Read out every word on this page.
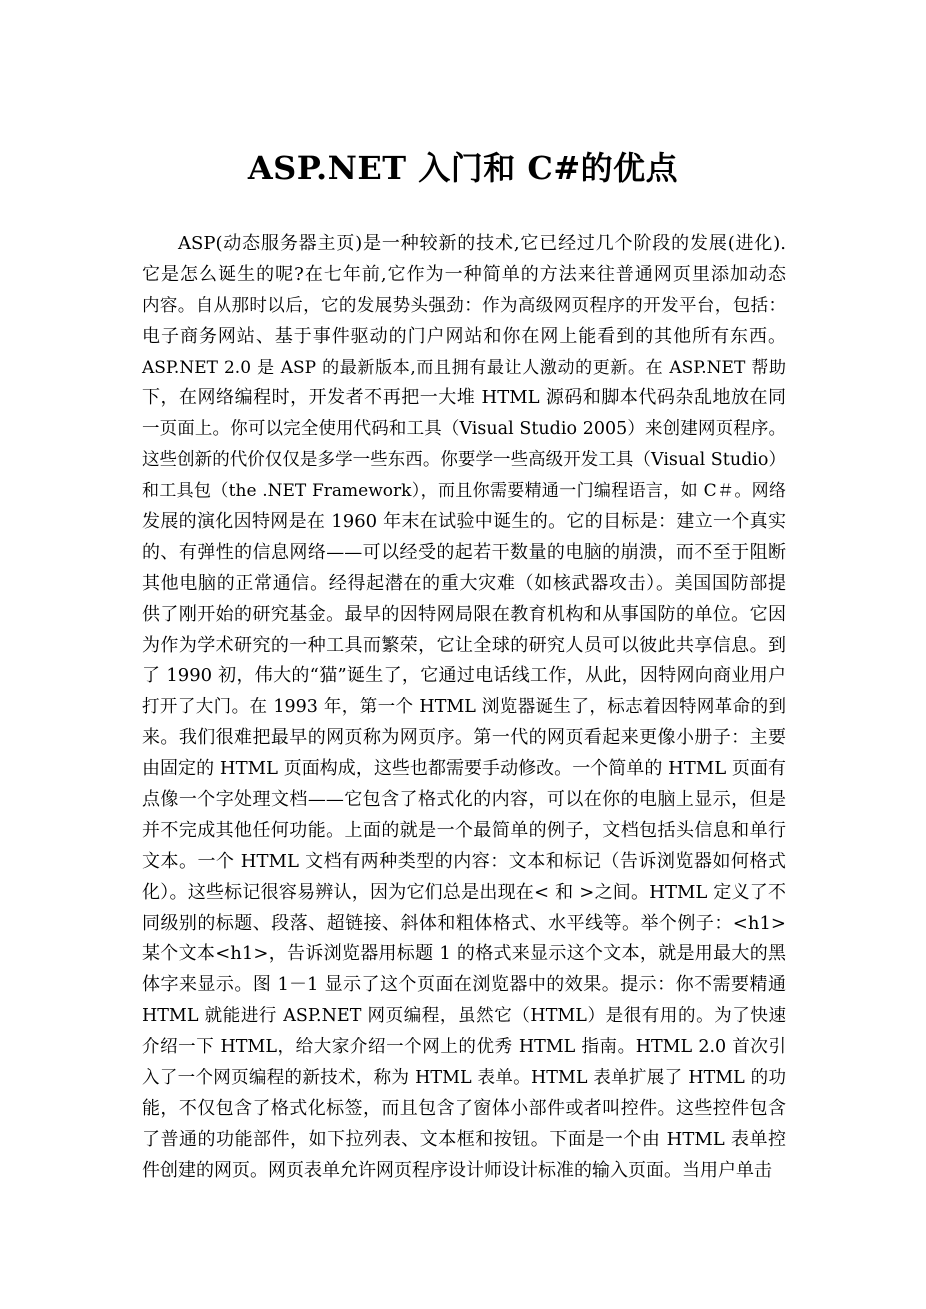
ASP.NET 入门和 C#的优点
ASP(动态服务器主页)是一种较新的技术,它已经过几个阶段的发展(进化).
它是怎么诞生的呢?在七年前,它作为一种简单的方法来往普通网页里添加动态
内容。自从那时以后，它的发展势头强劲：作为高级网页程序的开发平台，包括：
电子商务网站、基于事件驱动的门户网站和你在网上能看到的其他所有东西。
ASP.NET 2.0 是 ASP 的最新版本,而且拥有最让人激动的更新。在 ASP.NET 帮助
下，在网络编程时，开发者不再把一大堆 HTML 源码和脚本代码杂乱地放在同
一页面上。你可以完全使用代码和工具（Visual Studio 2005）来创建网页程序。
这些创新的代价仅仅是多学一些东西。你要学一些高级开发工具（Visual Studio）
和工具包（the .NET Framework），而且你需要精通一门编程语言，如 C＃。网络
发展的演化因特网是在 1960 年末在试验中诞生的。它的目标是：建立一个真实
的、有弹性的信息网络——可以经受的起若干数量的电脑的崩溃，而不至于阻断
其他电脑的正常通信。经得起潜在的重大灾难（如核武器攻击）。美国国防部提
供了刚开始的研究基金。最早的因特网局限在教育机构和从事国防的单位。它因
为作为学术研究的一种工具而繁荣，它让全球的研究人员可以彼此共享信息。到
了 1990 初，伟大的“猫”诞生了，它通过电话线工作，从此，因特网向商业用户
打开了大门。在 1993 年，第一个 HTML 浏览器诞生了，标志着因特网革命的到
来。我们很难把最早的网页称为网页序。第一代的网页看起来更像小册子：主要
由固定的 HTML 页面构成，这些也都需要手动修改。一个简单的 HTML 页面有
点像一个字处理文档——它包含了格式化的内容，可以在你的电脑上显示，但是
并不完成其他任何功能。上面的就是一个最简单的例子，文档包括头信息和单行
文本。一个 HTML 文档有两种类型的内容：文本和标记（告诉浏览器如何格式
化）。这些标记很容易辨认，因为它们总是出现在< 和 >之间。HTML 定义了不
同级别的标题、段落、超链接、斜体和粗体格式、水平线等。举个例子：<h1>
某个文本<h1>，告诉浏览器用标题 1 的格式来显示这个文本，就是用最大的黑
体字来显示。图 1－1 显示了这个页面在浏览器中的效果。提示：你不需要精通
HTML 就能进行 ASP.NET 网页编程，虽然它（HTML）是很有用的。为了快速
介绍一下 HTML，给大家介绍一个网上的优秀 HTML 指南。HTML 2.0 首次引
入了一个网页编程的新技术，称为 HTML 表单。HTML 表单扩展了 HTML 的功
能，不仅包含了格式化标签，而且包含了窗体小部件或者叫控件。这些控件包含
了普通的功能部件，如下拉列表、文本框和按钮。下面是一个由 HTML 表单控
件创建的网页。网页表单允许网页程序设计师设计标准的输入页面。当用户单击
